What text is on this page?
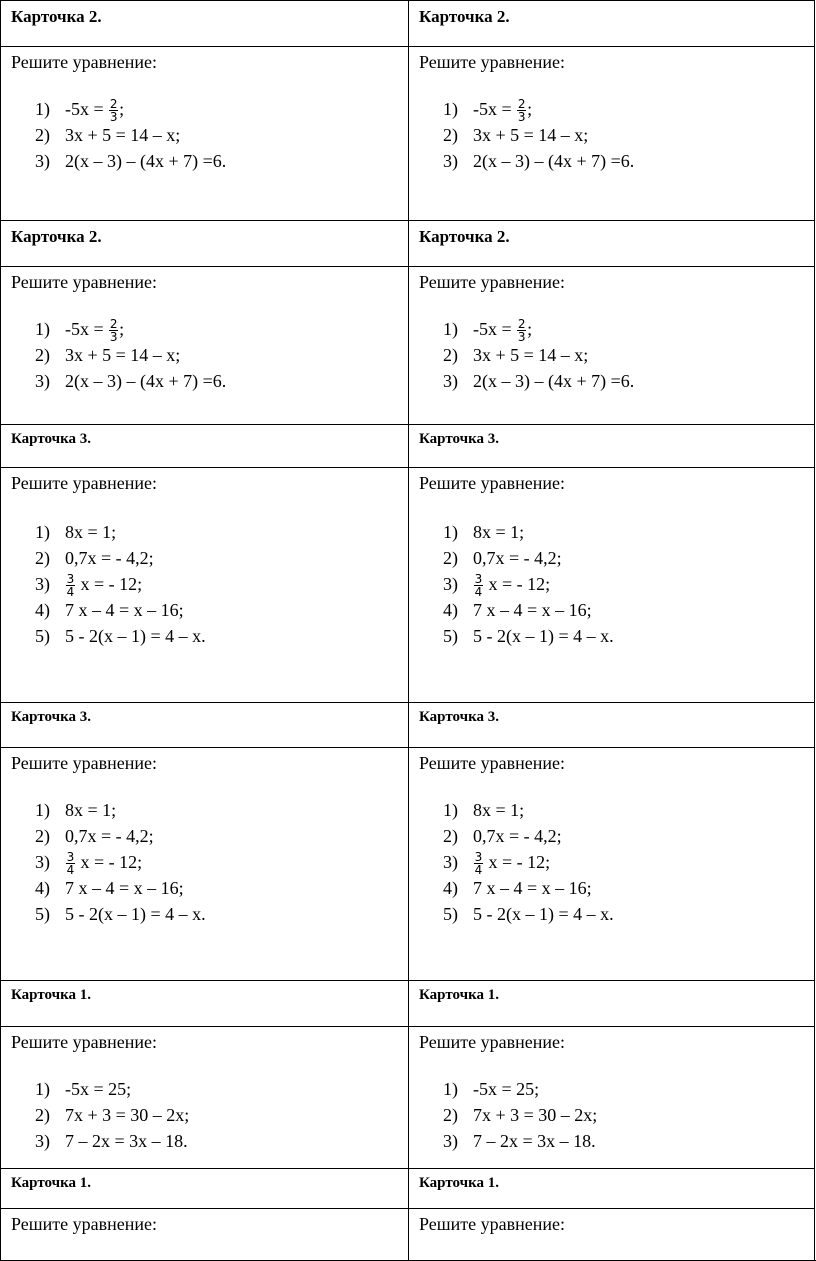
Карточка 2.
Решите уравнение:
1) $-5x = \frac{2}{3}$ ;
2) 3x + 5 = 14 – x;
3) 2(x – 3) – (4x + 7) =6.
Карточка 2.
Решите уравнение:
1) $-5x = \frac{2}{3}$ ;
2) 3x + 5 = 14 – x;
3) 2(x – 3) – (4x + 7) =6.
Карточка 2.
Решите уравнение:
1) $-5x = \frac{2}{3}$ ;
2) 3x + 5 = 14 – x;
3) 2(x – 3) – (4x + 7) =6.
Карточка 2.
Решите уравнение:
1) $-5x = \frac{2}{3}$ ;
2) 3x + 5 = 14 – x;
3) 2(x – 3) – (4x + 7) =6.
Карточка 3.
Решите уравнение:
1) 8x = 1;
2) 0,7x = - 4,2;
$3) \frac{3}{4}$ x = - 12;
4) 7 x – 4 = x – 16;
5) 5 - 2(x – 1) = 4 – x.
Карточка 3.
Решите уравнение:
1) 8x = 1;
2) 0,7x = - 4,2;
$3) \frac{3}{4}$ x = - 12;
4) 7 x – 4 = x – 16;
5) 5 - 2(x – 1) = 4 – x.
Карточка 3.
Решите уравнение:
1) 8x = 1;
2) 0,7x = - 4,2;
$3) \frac{3}{4}$ x = - 12;
4) 7 x – 4 = x – 16;
5) 5 - 2(x – 1) = 4 – x.
Карточка 3.
Решите уравнение:
1) 8x = 1;
2) 0,7x = - 4,2;
$3) \frac{3}{4}$ x = - 12;
4) 7 x – 4 = x – 16;
5) 5 - 2(x – 1) = 4 – x.
Карточка 1.
Решите уравнение:
1) -5x = 25;
2) 7x + 3 = 30 – 2x;
3) 7 – 2x = 3x – 18.
Карточка 1.
Решите уравнение:
1) -5x = 25;
2) 7x + 3 = 30 – 2x;
3) 7 – 2x = 3x – 18.
Карточка 1.
Решите уравнение:
Карточка 1.
Решите уравнение:
